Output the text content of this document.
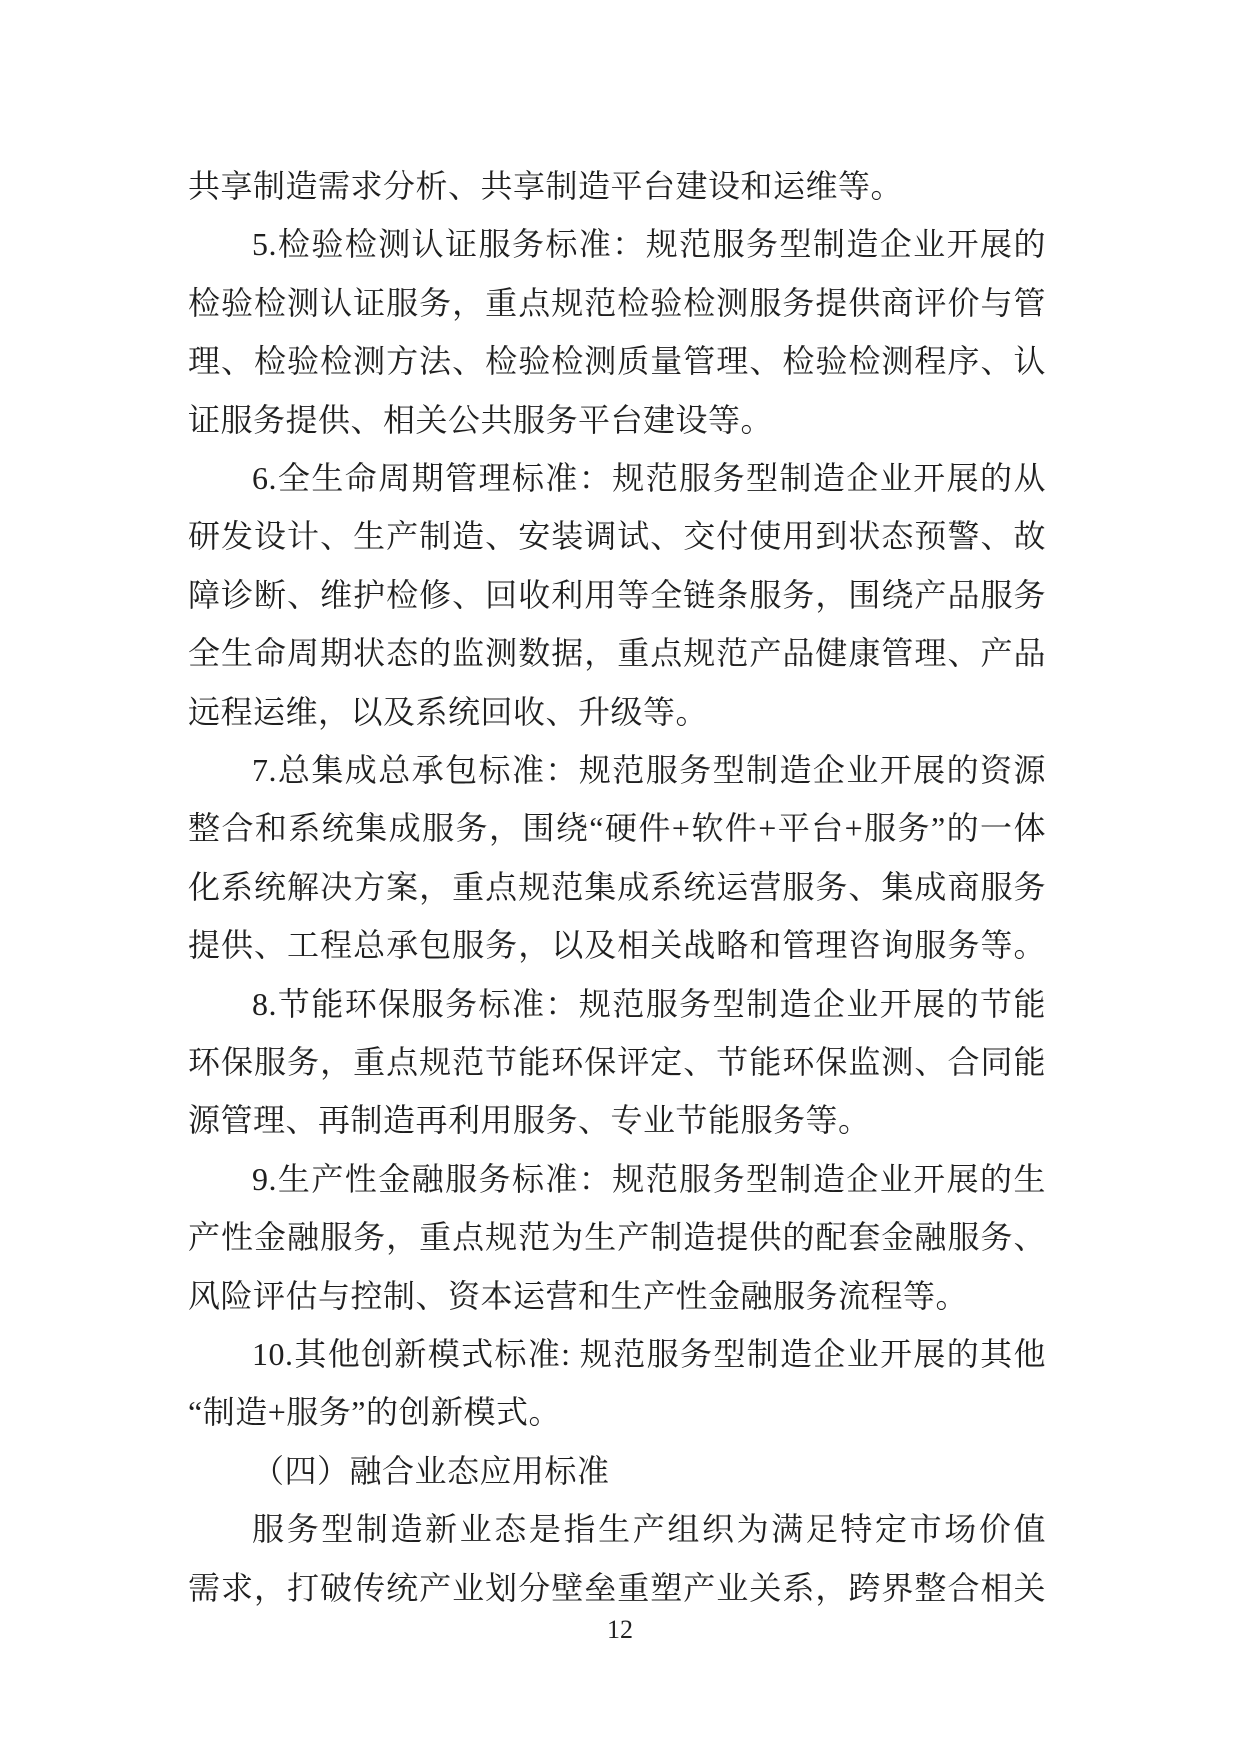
共享制造需求分析、共享制造平台建设和运维等。
5.检验检测认证服务标准：规范服务型制造企业开展的
检验检测认证服务，重点规范检验检测服务提供商评价与管
理、检验检测方法、检验检测质量管理、检验检测程序、认
证服务提供、相关公共服务平台建设等。
6.全生命周期管理标准：规范服务型制造企业开展的从
研发设计、生产制造、安装调试、交付使用到状态预警、故
障诊断、维护检修、回收利用等全链条服务，围绕产品服务
全生命周期状态的监测数据，重点规范产品健康管理、产品
远程运维，以及系统回收、升级等。
7.总集成总承包标准：规范服务型制造企业开展的资源
整合和系统集成服务，围绕“硬件+软件+平台+服务”的一体
化系统解决方案，重点规范集成系统运营服务、集成商服务
提供、工程总承包服务，以及相关战略和管理咨询服务等。
8.节能环保服务标准：规范服务型制造企业开展的节能
环保服务，重点规范节能环保评定、节能环保监测、合同能
源管理、再制造再利用服务、专业节能服务等。
9.生产性金融服务标准：规范服务型制造企业开展的生
产性金融服务，重点规范为生产制造提供的配套金融服务、
风险评估与控制、资本运营和生产性金融服务流程等。
10.其他创新模式标准: 规范服务型制造企业开展的其他
“制造+服务”的创新模式。
（四）融合业态应用标准
服务型制造新业态是指生产组织为满足特定市场价值
需求，打破传统产业划分壁垒重塑产业关系，跨界整合相关
12
